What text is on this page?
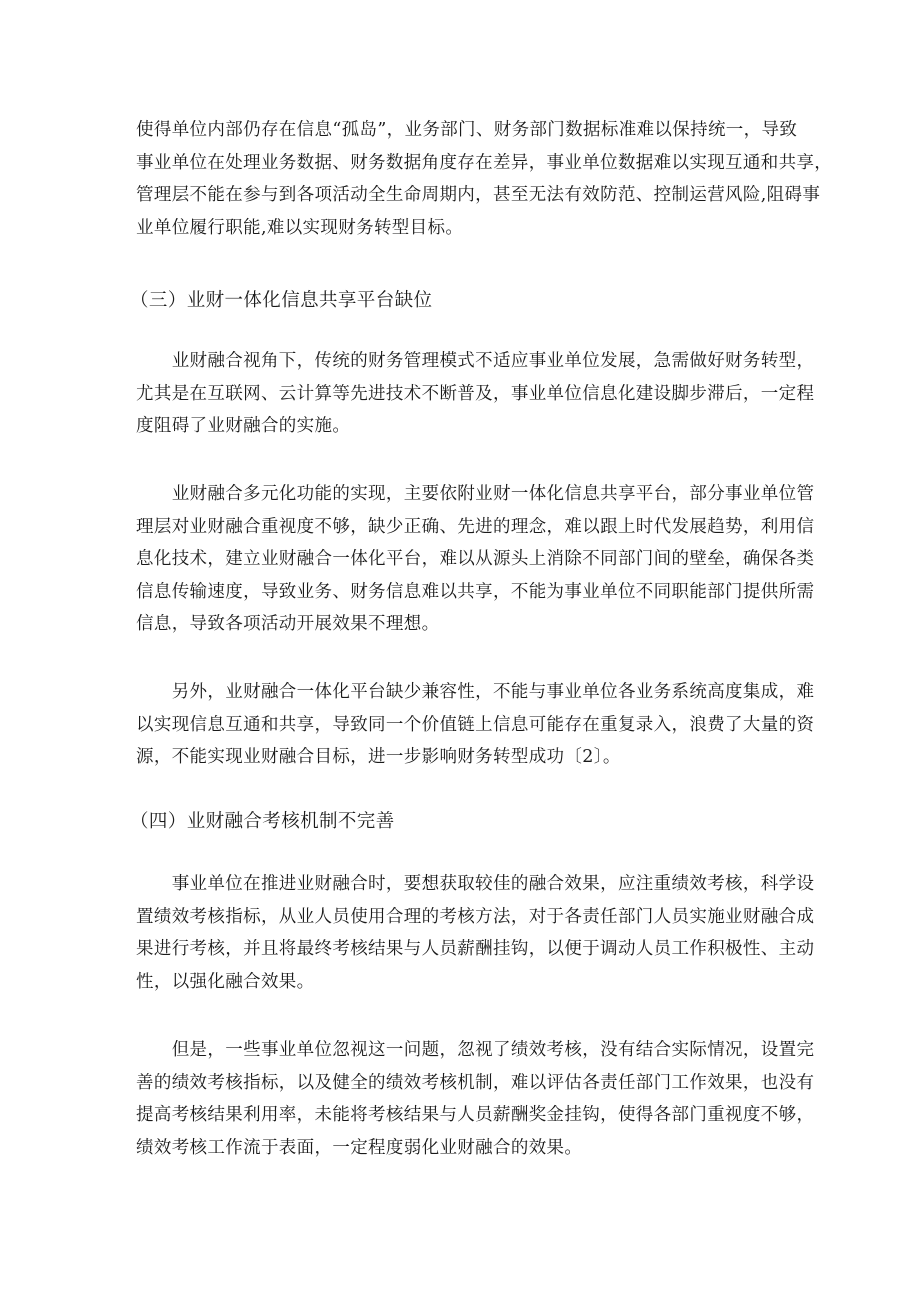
使得单位内部仍存在信息“孤岛”，业务部门、财务部门数据标准难以保持统一，导致
事业单位在处理业务数据、财务数据角度存在差异，事业单位数据难以实现互通和共享，
管理层不能在参与到各项活动全生命周期内，甚至无法有效防范、控制运营风险,阻碍事
业单位履行职能,难以实现财务转型目标。
（三）业财一体化信息共享平台缺位
　　业财融合视角下，传统的财务管理模式不适应事业单位发展，急需做好财务转型，
尤其是在互联网、云计算等先进技术不断普及，事业单位信息化建设脚步滞后，一定程
度阻碍了业财融合的实施。
　　业财融合多元化功能的实现，主要依附业财一体化信息共享平台，部分事业单位管
理层对业财融合重视度不够，缺少正确、先进的理念，难以跟上时代发展趋势，利用信
息化技术，建立业财融合一体化平台，难以从源头上消除不同部门间的壁垒，确保各类
信息传输速度，导致业务、财务信息难以共享，不能为事业单位不同职能部门提供所需
信息，导致各项活动开展效果不理想。
　　另外，业财融合一体化平台缺少兼容性，不能与事业单位各业务系统高度集成，难
以实现信息互通和共享，导致同一个价值链上信息可能存在重复录入，浪费了大量的资
源，不能实现业财融合目标，进一步影响财务转型成功〔2〕。
（四）业财融合考核机制不完善
　　事业单位在推进业财融合时，要想获取较佳的融合效果，应注重绩效考核，科学设
置绩效考核指标，从业人员使用合理的考核方法，对于各责任部门人员实施业财融合成
果进行考核，并且将最终考核结果与人员薪酬挂钩，以便于调动人员工作积极性、主动
性，以强化融合效果。
　　但是，一些事业单位忽视这一问题，忽视了绩效考核，没有结合实际情况，设置完
善的绩效考核指标，以及健全的绩效考核机制，难以评估各责任部门工作效果，也没有
提高考核结果利用率，未能将考核结果与人员薪酬奖金挂钩，使得各部门重视度不够，
绩效考核工作流于表面，一定程度弱化业财融合的效果。
